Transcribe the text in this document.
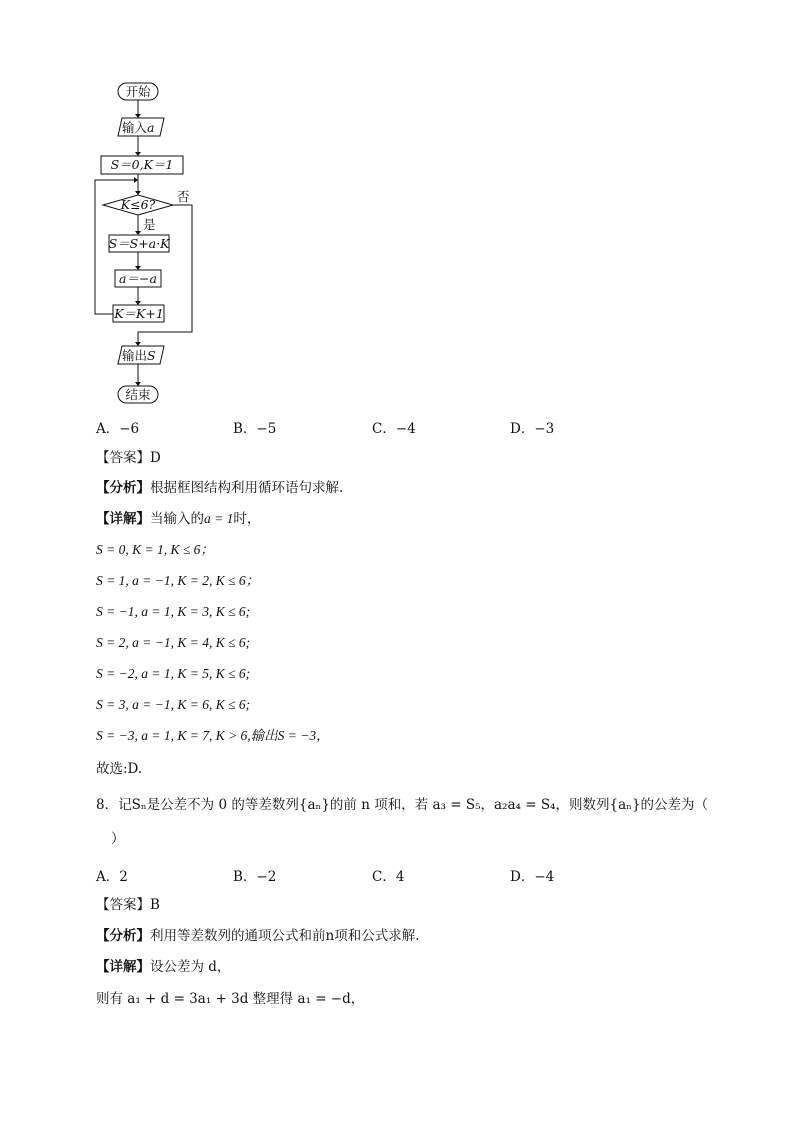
开始
输入a
S＝0,K＝1
K≤6?
是
否
S＝S+a·K
a＝−a
K＝K+1
输出S
结束
A．−6	B．−5	C．−4	D．−3
【答案】D
【分析】根据框图结构利用循环语句求解.
【详解】当输入的a = 1时，
S = 0, K = 1, K ≤ 6；
S = 1, a = −1, K = 2, K ≤ 6；
S = −1, a = 1, K = 3, K ≤ 6;
S = 2, a = −1, K = 4, K ≤ 6;
S = −2, a = 1, K = 5, K ≤ 6;
S = 3, a = −1, K = 6, K ≤ 6;
S = −3, a = 1, K = 7, K > 6,输出S = −3，
故选:D.
8．记Sₙ是公差不为 0 的等差数列{aₙ}的前 n 项和，若 a₃ = S₅，a₂a₄ = S₄，则数列{aₙ}的公差为（
）
A．2	B．−2	C．4	D．−4
【答案】B
【分析】利用等差数列的通项公式和前n项和公式求解.
【详解】设公差为 d，
则有 a₁ + d = 3a₁ + 3d 整理得 a₁ = −d，
